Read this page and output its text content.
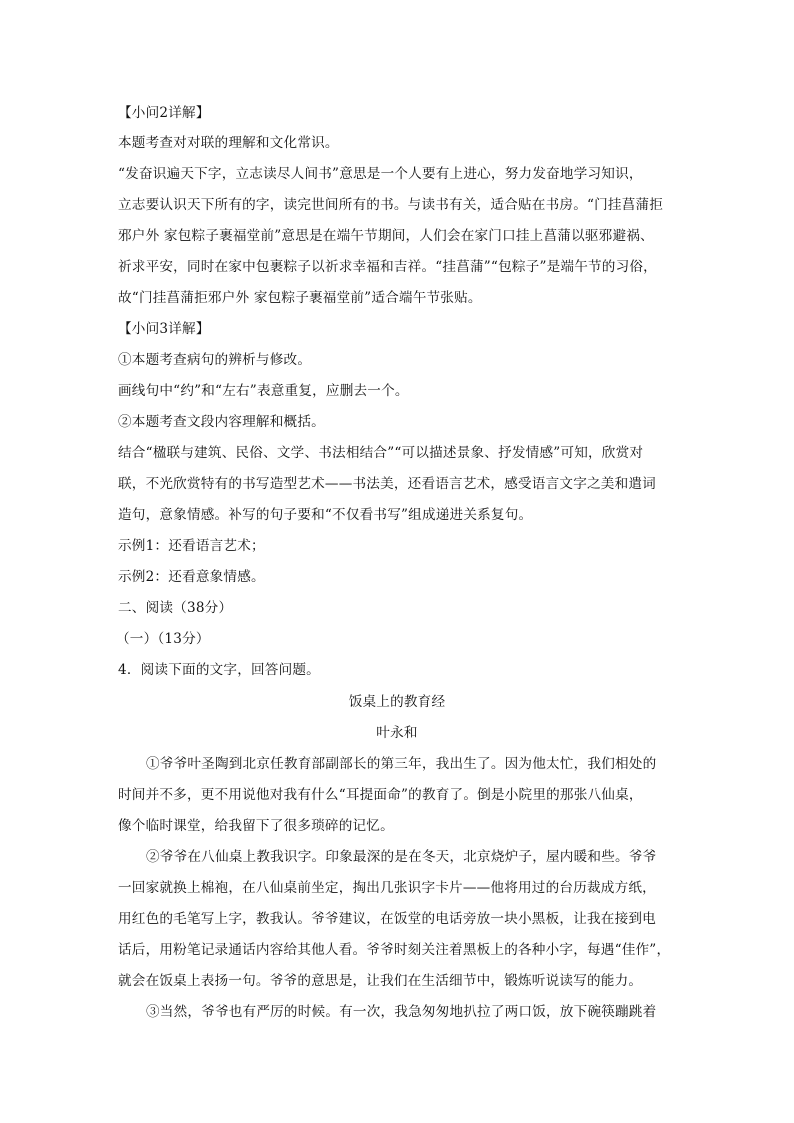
【小问2详解】
本题考查对对联的理解和文化常识。
“发奋识遍天下字，立志读尽人间书”意思是一个人要有上进心，努力发奋地学习知识，
立志要认识天下所有的字，读完世间所有的书。与读书有关，适合贴在书房。“门挂菖蒲拒
邪户外 家包粽子裹福堂前”意思是在端午节期间，人们会在家门口挂上菖蒲以驱邪避祸、
祈求平安，同时在家中包裹粽子以祈求幸福和吉祥。“挂菖蒲”“包粽子”是端午节的习俗，
故“门挂菖蒲拒邪户外 家包粽子裹福堂前”适合端午节张贴。
【小问3详解】
①本题考查病句的辨析与修改。
画线句中“约”和“左右”表意重复，应删去一个。
②本题考查文段内容理解和概括。
结合“楹联与建筑、民俗、文学、书法相结合”“可以描述景象、抒发情感”可知，欣赏对
联，不光欣赏特有的书写造型艺术——书法美，还看语言艺术，感受语言文字之美和遣词
造句，意象情感。补写的句子要和“不仅看书写”组成递进关系复句。
示例1：还看语言艺术；
示例2：还看意象情感。
二、阅读（38分）
（一）（13分）
4．阅读下面的文字，回答问题。
饭桌上的教育经
叶永和
①爷爷叶圣陶到北京任教育部副部长的第三年，我出生了。因为他太忙，我们相处的
时间并不多，更不用说他对我有什么“耳提面命”的教育了。倒是小院里的那张八仙桌，
像个临时课堂，给我留下了很多琐碎的记忆。
②爷爷在八仙桌上教我识字。印象最深的是在冬天，北京烧炉子，屋内暖和些。爷爷
一回家就换上棉袍，在八仙桌前坐定，掏出几张识字卡片——他将用过的台历裁成方纸，
用红色的毛笔写上字，教我认。爷爷建议，在饭堂的电话旁放一块小黑板，让我在接到电
话后，用粉笔记录通话内容给其他人看。爷爷时刻关注着黑板上的各种小字，每遇“佳作”，
就会在饭桌上表扬一句。爷爷的意思是，让我们在生活细节中，锻炼听说读写的能力。
③当然，爷爷也有严厉的时候。有一次，我急匆匆地扒拉了两口饭，放下碗筷蹦跳着
